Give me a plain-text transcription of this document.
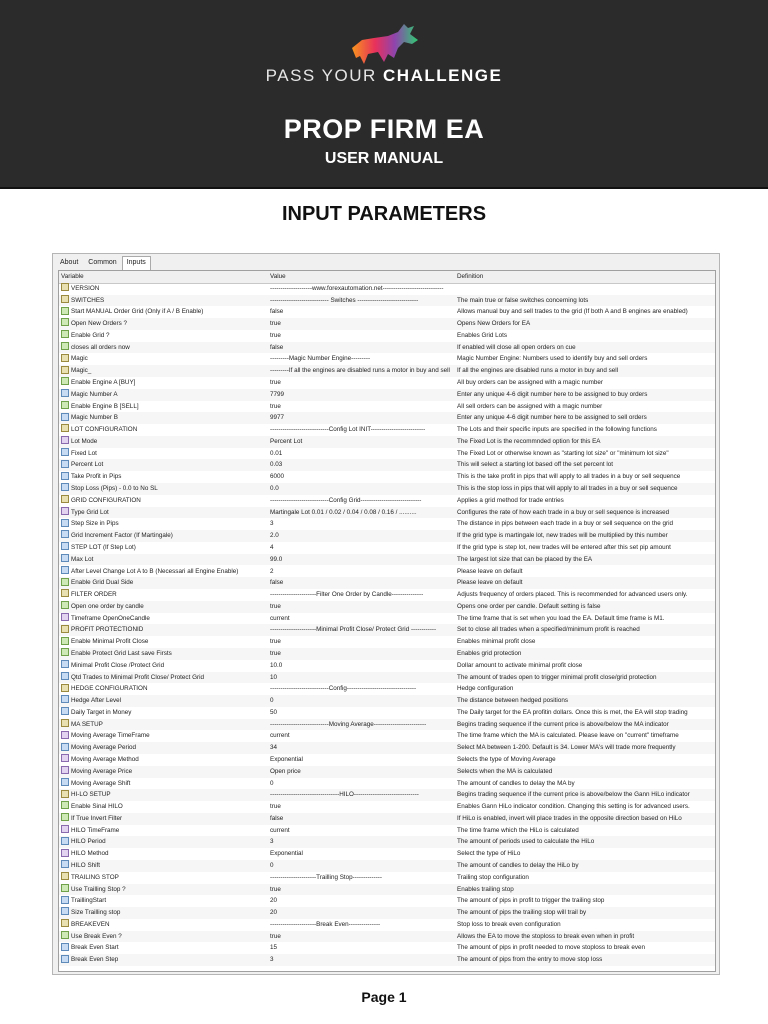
PASS YOUR CHALLENGE
PROP FIRM EA
USER MANUAL
INPUT PARAMETERS
About	Common	Inputs
Variable	Value	Definition
VERSION	--------------------www.forexautomation.net-----------------------------
SWITCHES	---------------------------- Switches -----------------------------	The main true or false switches concerning lots
Start MANUAL Order Grid (Only if A / B Enable)	false	Allows manual buy and sell trades to the grid (If both A and B engines are enabled)
Open New Orders ?	true	Opens New Orders for EA
Enable Grid ?	true	Enables Grid Lots
closes all orders now	false	If enabled will close all open orders on cue
Magic	---------Magic Number Engine---------	Magic Number Engine: Numbers used to identify buy and sell orders
Magic_	---------If all the engines are disabled runs a motor in buy and sell	If all the engines are disabled runs a motor in buy and sell
Enable Engine A [BUY]	true	All buy orders can be assigned with a magic number
Magic Number A	7799	Enter any unique 4-6 digit number here to be assigned to buy orders
Enable Engine B [SELL]	true	All sell orders can be assigned with a magic number
Magic Number B	9977	Enter any unique 4-6 digit number here to be assigned to sell orders
LOT CONFIGURATION	----------------------------Config Lot INIT--------------------------	The Lots and their specific inputs are specified in the following functions
Lot Mode	Percent Lot	The Fixed Lot is the recommnded option for this EA
Fixed Lot	0.01	The Fixed Lot or otherwise known as "starting lot size" or "minimum lot size"
Percent Lot	0.03	This will select a starting lot based off the set percent lot
Take Profit in Pips	6000	This is the take profit in pips that will apply to all trades in a buy or sell sequence
Stop Loss (Pips) - 0.0 to No SL	0.0	This is the stop loss in pips that will apply to all trades in a buy or sell sequence
GRID CONFIGURATION	----------------------------Config Grid-----------------------------	Applies a grid method for trade entries
Type Grid Lot	Martingale Lot 0.01 / 0.02 / 0.04 / 0.08 / 0.16 / ..........	Configures the rate of how each trade in a buy or sell sequence is increased
Step Size in Pips	3	The distance in pips between each trade in a buy or sell sequence on the grid
Grid Increment Factor (If Martingale)	2.0	If the grid type is martingale lot, new trades will be multiplied by this number
STEP LOT (If Step Lot)	4	If the grid type is step lot, new trades will be entered after this set pip amount
Max Lot	99.0	The largest lot size that can be placed by the EA
After Level Change Lot A to B (Necessari all Engine Enable)	2	Please leave on default
Enable Grid Dual Side	false	Please leave on default
FILTER ORDER	----------------------Filter One Order by Candle---------------	Adjusts frequency of orders placed. This is recommended for advanced users only.
Open one order by candle	true	Opens one order per candle. Default setting is false
Timeframe OpenOneCandle	current	The time frame that is set when you load the EA. Default time frame is M1.
PROFIT PROTECTIONID	----------------------Minimal Profit Close/ Protect Grid ------------	Set to close all trades when a specified/minimum profit is reached
Enable Minimal Profit Close	true	Enables minimal profit close
Enable Protect Grid Last save Firsts	true	Enables grid protection
Minimal Profit Close /Protect Grid	10.0	Dollar amount to activate minimal profit close
Qtd Trades to Minimal Profit Close/ Protect Grid	10	The amount of trades open to trigger minimal profit close/grid protection
HEDGE CONFIGURATION	----------------------------Config---------------------------------	Hedge configuration
Hedge After Level	0	The distance between hedged positions
Daily Target in Money	50	The Daily target for the EA profitin dollars. Once this is met, the EA will stop trading
MA SETUP	----------------------------Moving Average-------------------------	Begins trading sequence if the current price is above/below the MA indicator
Moving Average TimeFrame	current	The time frame which the MA is calculated. Please leave on "current" timeframe
Moving Average Period	34	Select MA between 1-200. Default is 34. Lower MA's will trade more frequently
Moving Average Method	Exponential	Selects the type of Moving Average
Moving Average Price	Open price	Selects when the MA is calculated
Moving Average Shift	0	The amount of candles to delay the MA by
HI-LO SETUP	---------------------------------HILO-------------------------------	Begins trading sequence if the current price is above/below the Gann HiLo indicator
Enable Sinal HILO	true	Enables Gann HiLo indicator condition. Changing this setting is for advanced users.
If True Invert Filter	false	If HiLo is enabled, invert will place trades in the opposite direction based on HiLo
HILO TimeFrame	current	The time frame which the HiLo is calculated
HILO Period	3	The amount of periods used to calculate the HiLo
HILO Method	Exponential	Select the type of HiLo
HILO Shift	0	The amount of candles to delay the HiLo by
TRAILING STOP	----------------------Trailling Stop--------------	Trailing stop configuration
Use Trailling Stop ?	true	Enables trailing stop
TraillingStart	20	The amount of pips in profit to trigger the trailing stop
Size Trailling stop	20	The amount of pips the trailing stop will trail by
BREAKEVEN	----------------------Break Even---------------	Stop loss to break even configuration
Use Break Even ?	true	Allows the EA to move the stoploss to break even when in profit
Break Even Start	15	The amount of pips in profit needed to move stoploss to break even
Break Even Step	3	The amount of pips from the entry to move stop loss
Page 1
